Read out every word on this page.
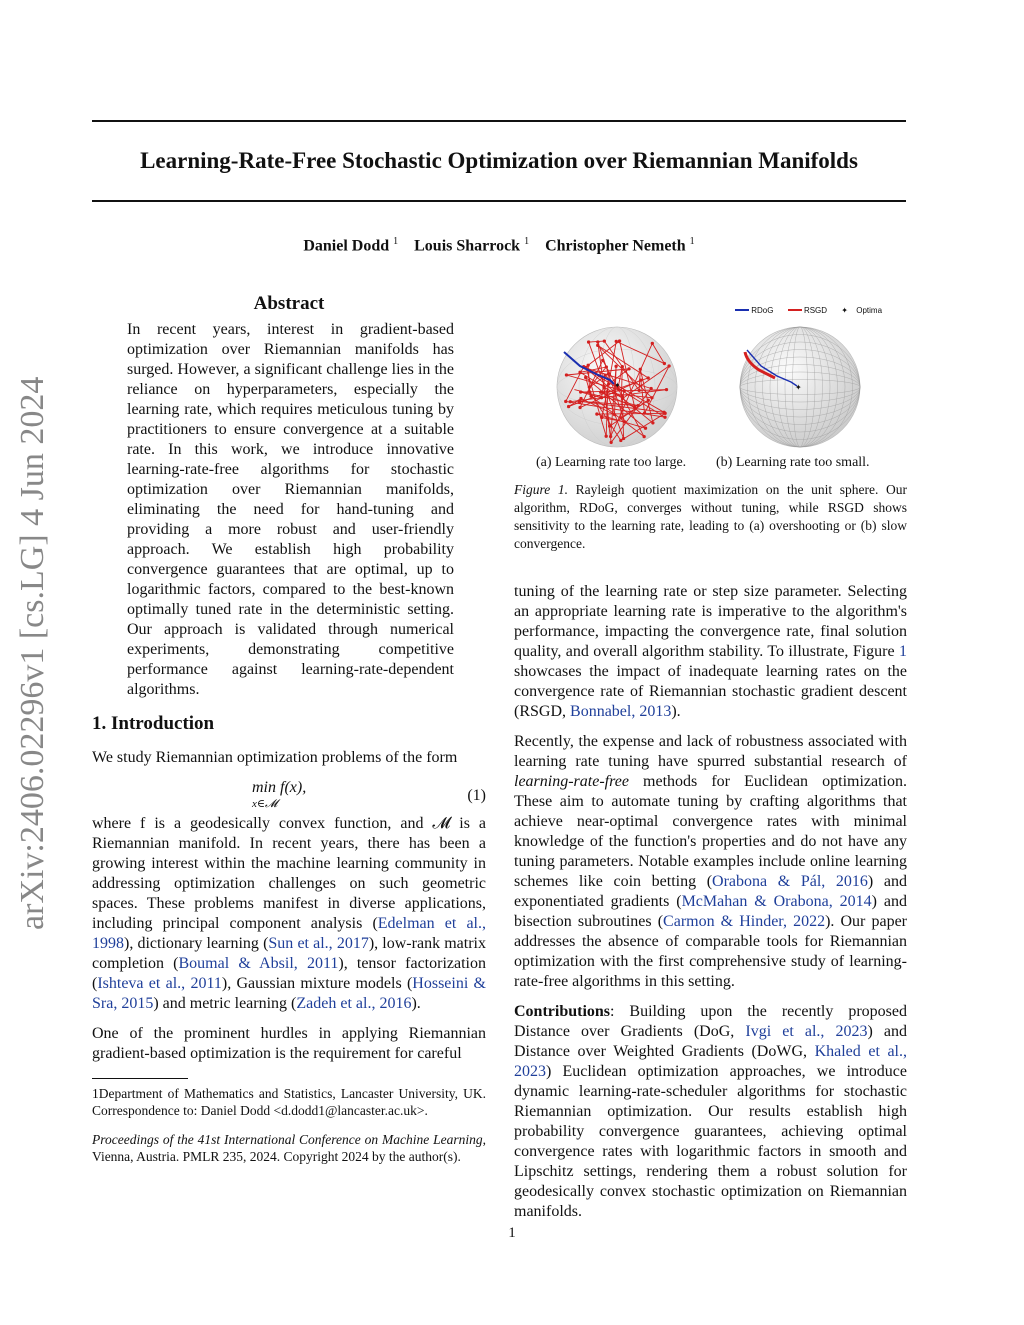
arXiv:2406.02296v1 [cs.LG] 4 Jun 2024
Learning-Rate-Free Stochastic Optimization over Riemannian Manifolds
Daniel Dodd $^1$ Louis Sharrock $^1$ Christopher Nemeth $^1$
Abstract
In recent years, interest in gradient-based optimization over Riemannian manifolds has surged. However, a significant challenge lies in the reliance on hyperparameters, especially the learning rate, which requires meticulous tuning by practitioners to ensure convergence at a suitable rate. In this work, we introduce innovative learning-rate-free algorithms for stochastic optimization over Riemannian manifolds, eliminating the need for hand-tuning and providing a more robust and user-friendly approach. We establish high probability convergence guarantees that are optimal, up to logarithmic factors, compared to the best-known optimally tuned rate in the deterministic setting. Our approach is validated through numerical experiments, demonstrating competitive performance against learning-rate-dependent algorithms.
1. Introduction

We study Riemannian optimization problems of the form

min f(x),
x∈𝓜	(1)

where f is a geodesically convex function, and 𝓜 is a Riemannian manifold. In recent years, there has been a growing interest within the machine learning community in addressing optimization challenges on such geometric spaces. These problems manifest in diverse applications, including principal component analysis (Edelman et al., 1998), dictionary learning (Sun et al., 2017), low-rank matrix completion (Boumal & Absil, 2011), tensor factorization (Ishteva et al., 2011), Gaussian mixture models (Hosseini & Sra, 2015) and metric learning (Zadeh et al., 2016).

One of the prominent hurdles in applying Riemannian gradient-based optimization is the requirement for careful

1Department of Mathematics and Statistics, Lancaster University, UK. Correspondence to: Daniel Dodd <d.dodd1@lancaster.ac.uk>.
Proceedings of the 41st International Conference on Machine Learning, Vienna, Austria. PMLR 235, 2024. Copyright 2024 by the author(s).
RDoG	RSGD ✦ Optima
✦	✦
(a) Learning rate too large. (b) Learning rate too small.
Figure 1. Rayleigh quotient maximization on the unit sphere. Our algorithm, RDoG, converges without tuning, while RSGD shows sensitivity to the learning rate, leading to (a) overshooting or (b) slow convergence.

tuning of the learning rate or step size parameter. Selecting an appropriate learning rate is imperative to the algorithm's performance, impacting the convergence rate, final solution quality, and overall algorithm stability. To illustrate, Figure 1 showcases the impact of inadequate learning rates on the convergence rate of Riemannian stochastic gradient descent (RSGD, Bonnabel, 2013).

Recently, the expense and lack of robustness associated with learning rate tuning have spurred substantial research of learning-rate-free methods for Euclidean optimization. These aim to automate tuning by crafting algorithms that achieve near-optimal convergence rates with minimal knowledge of the function's properties and do not have any tuning parameters. Notable examples include online learning schemes like coin betting (Orabona & Pál, 2016) and exponentiated gradients (McMahan & Orabona, 2014) and bisection subroutines (Carmon & Hinder, 2022). Our paper addresses the absence of comparable tools for Riemannian optimization with the first comprehensive study of learning-rate-free algorithms in this setting.

Contributions: Building upon the recently proposed Distance over Gradients (DoG, Ivgi et al., 2023) and Distance over Weighted Gradients (DoWG, Khaled et al., 2023) Euclidean optimization approaches, we introduce dynamic learning-rate-scheduler algorithms for stochastic Riemannian optimization. Our results establish high probability convergence guarantees, achieving optimal convergence rates with logarithmic factors in smooth and Lipschitz settings, rendering them a robust solution for geodesically convex stochastic optimization on Riemannian manifolds.

1
